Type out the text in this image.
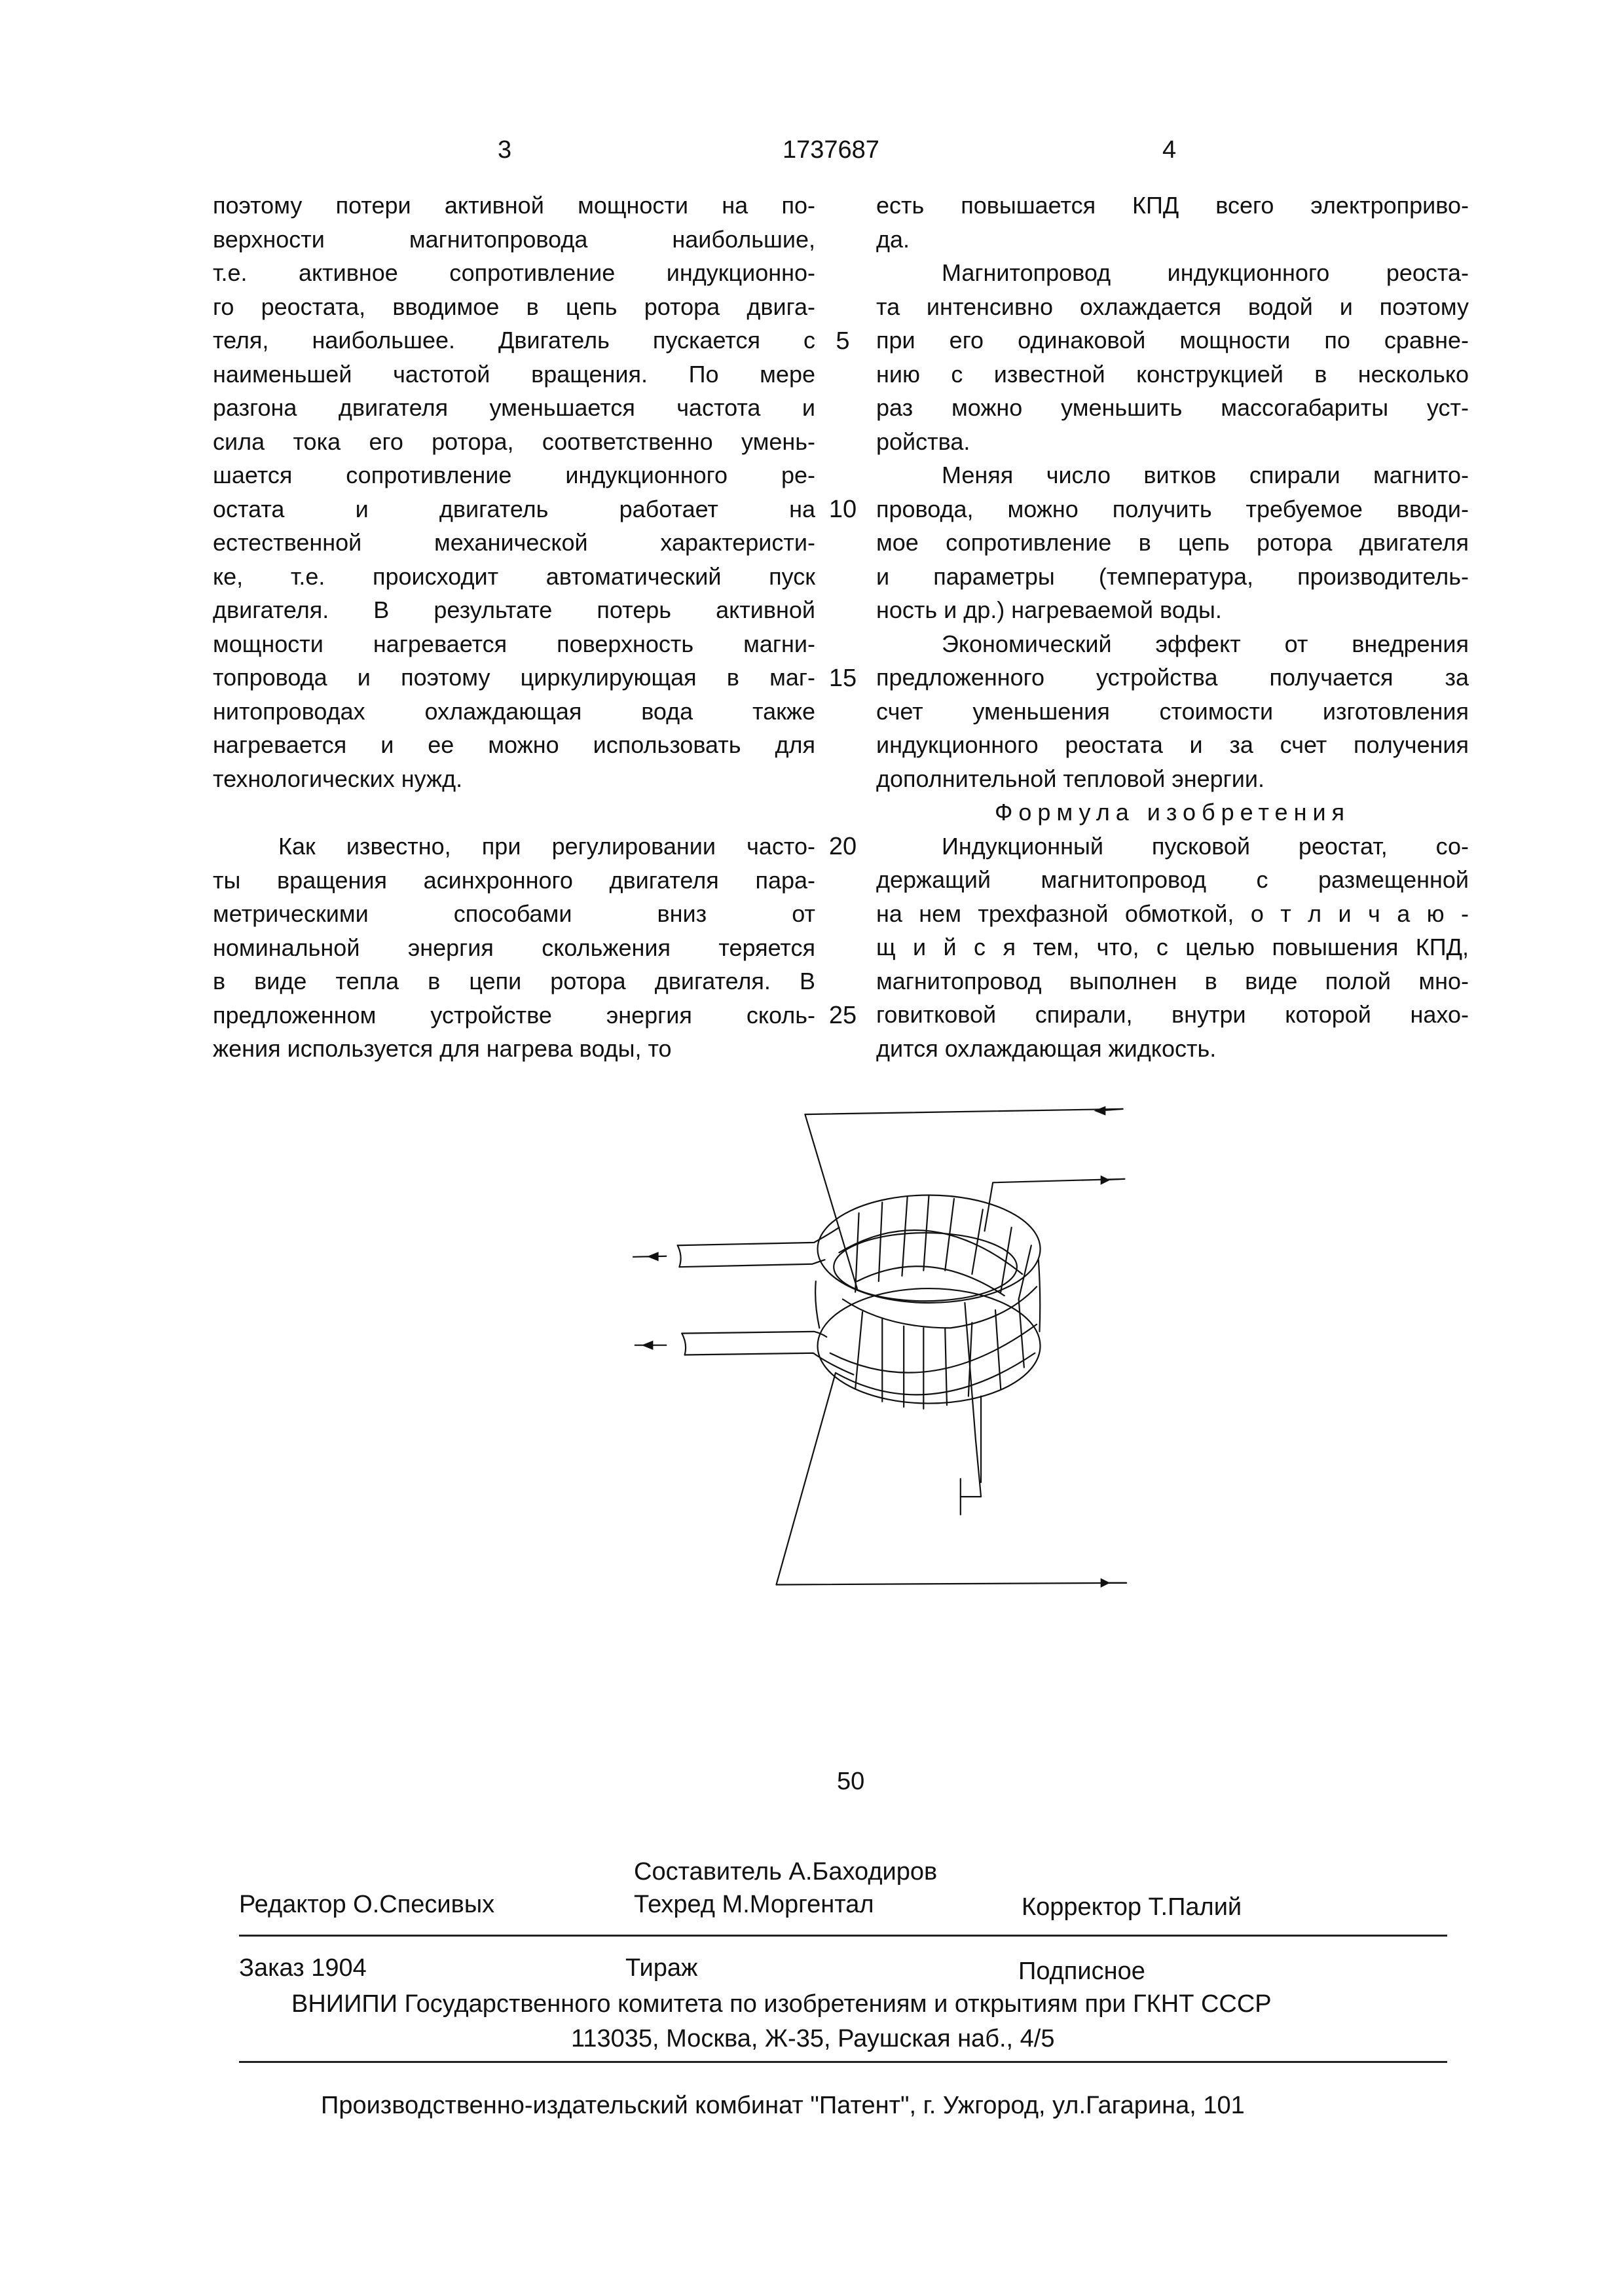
3	1737687	4
поэтому потери активной мощности на по-
верхности магнитопровода наибольшие,
т.е. активное сопротивление индукционно-
го реостата, вводимое в цепь ротора двига-
теля, наибольшее. Двигатель пускается с
наименьшей частотой вращения. По мере
разгона двигателя уменьшается частота и
сила тока его ротора, соответственно умень-
шается сопротивление индукционного ре-
остата и двигатель работает на
естественной механической характеристи-
ке, т.е. происходит автоматический пуск
двигателя. В результате потерь активной
мощности нагревается поверхность магни-
топровода и поэтому циркулирующая в маг-
нитопроводах охлаждающая вода также
нагревается и ее можно использовать для
технологических нужд.
Как известно, при регулировании часто-
ты вращения асинхронного двигателя пара-
метрическими способами вниз от
номинальной энергия скольжения теряется
в виде тепла в цепи ротора двигателя. В
предложенном устройстве энергия сколь-
жения используется для нагрева воды, то
есть повышается КПД всего электроприво-
да.
Магнитопровод индукционного реоста-
та интенсивно охлаждается водой и поэтому
при его одинаковой мощности по сравне-
нию с известной конструкцией в несколько
раз можно уменьшить массогабариты уст-
ройства.
Меняя число витков спирали магнито-
провода, можно получить требуемое вводи-
мое сопротивление в цепь ротора двигателя
и параметры (температура, производитель-
ность и др.) нагреваемой воды.
Экономический эффект от внедрения
предложенного устройства получается за
счет уменьшения стоимости изготовления
индукционного реостата и за счет получения
дополнительной тепловой энергии.
Формула изобретения
Индукционный пусковой реостат, со-
держащий магнитопровод с размещенной
на нем трехфазной обмоткой, о т л и ч а ю -
щ и й с я тем, что, с целью повышения КПД,
магнитопровод выполнен в виде полой мно-
говитковой спирали, внутри которой нахо-
дится охлаждающая жидкость.
5
10
15
20
25
50
Составитель А.Баходиров
Редактор О.Спесивых	Техред М.Моргентал	Корректор Т.Палий
Заказ 1904	Тираж	Подписное
ВНИИПИ Государственного комитета по изобретениям и открытиям при ГКНТ СССР
113035, Москва, Ж-35, Раушская наб., 4/5
Производственно-издательский комбинат "Патент", г. Ужгород, ул.Гагарина, 101
